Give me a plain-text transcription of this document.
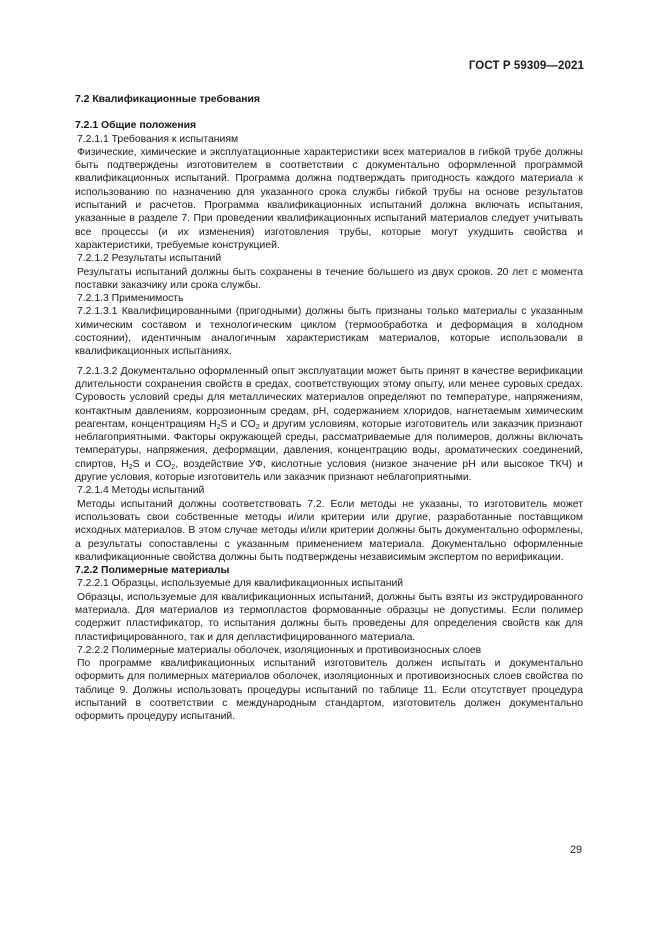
ГОСТ Р 59309—2021

7.2 Квалификационные требования

7.2.1 Общие положения

7.2.1.1 Требования к испытаниям

Физические, химические и эксплуатационные характеристики всех материалов в гибкой трубе должны быть подтверждены изготовителем в соответствии с документально оформленной программой квалификационных испытаний. Программа должна подтверждать пригодность каждого материала к использованию по назначению для указанного срока службы гибкой трубы на основе результатов испытаний и расчетов. Программа квалификационных испытаний должна включать испытания, указанные в разделе 7. При проведении квалификационных испытаний материалов следует учитывать все процессы (и их изменения) изготовления трубы, которые могут ухудшить свойства и характеристики, требуемые конструкцией.

7.2.1.2 Результаты испытаний

Результаты испытаний должны быть сохранены в течение большего из двух сроков. 20 лет с момента поставки заказчику или срока службы.

7.2.1.3 Применимость

7.2.1.3.1 Квалифицированными (пригодными) должны быть признаны только материалы с указанным химическим составом и технологическим циклом (термообработка и деформация в холодном состоянии), идентичным аналогичным характеристикам материалов, которые использовали в квалификационных испытаниях.

7.2.1.3.2 Документально оформленный опыт эксплуатации может быть принят в качестве верификации длительности сохранения свойств в средах, соответствующих этому опыту, или менее суровых средах. Суровость условий среды для металлических материалов определяют по температуре, напряжениям, контактным давлениям, коррозионным средам, pH, содержанием хлоридов, нагнетаемым химическим реагентам, концентрациям $H_2S$ и $CO_2$ и другим условиям, которые изготовитель или заказчик признают неблагоприятными. Факторы окружающей среды, рассматриваемые для полимеров, должны включать температуры, напряжения, деформации, давления, концентрацию воды, ароматических соединений, спиртов, $H_2S$ и $CO_2$, воздействие УФ, кислотные условия (низкое значение pH или высокое ТКЧ) и другие условия, которые изготовитель или заказчик признают неблагоприятными.

7.2.1.4 Методы испытаний

Методы испытаний должны соответствовать 7.2. Если методы не указаны, то изготовитель может использовать свои собственные методы и/или критерии или другие, разработанные поставщиком исходных материалов. В этом случае методы и/или критерии должны быть документально оформлены, а результаты сопоставлены с указанным применением материала. Документально оформленные квалификационные свойства должны быть подтверждены независимым экспертом по верификации.

7.2.2 Полимерные материалы

7.2.2.1 Образцы, используемые для квалификационных испытаний

Образцы, используемые для квалификационных испытаний, должны быть взяты из экструдированного материала. Для материалов из термопластов формованные образцы не допустимы. Если полимер содержит пластификатор, то испытания должны быть проведены для определения свойств как для пластифицированного, так и для депластифицированного материала.

7.2.2.2 Полимерные материалы оболочек, изоляционных и противоизносных слоев

По программе квалификационных испытаний изготовитель должен испытать и документально оформить для полимерных материалов оболочек, изоляционных и противоизносных слоев свойства по таблице 9. Должны использовать процедуры испытаний по таблице 11. Если отсутствует процедура испытаний в соответствии с международным стандартом, изготовитель должен документально оформить процедуру испытаний.

29
